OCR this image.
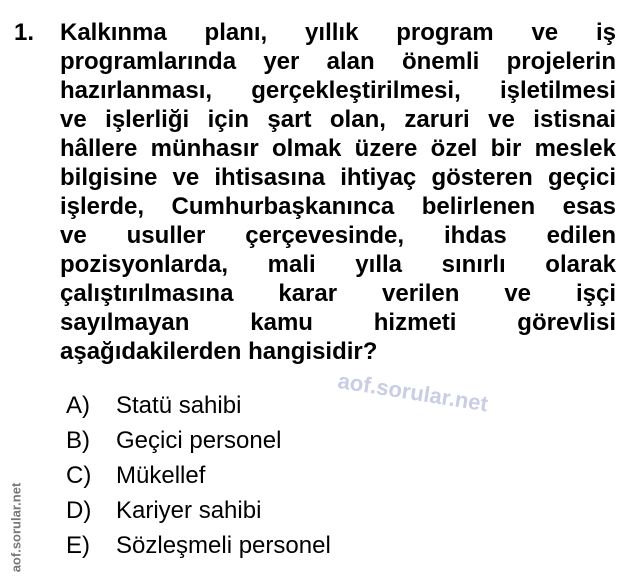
1. Kalkınma planı, yıllık program ve iş
programlarında yer alan önemli projelerin
hazırlanması, gerçekleştirilmesi, işletilmesi
ve işlerliği için şart olan, zaruri ve istisnai
hâllere münhasır olmak üzere özel bir meslek
bilgisine ve ihtisasına ihtiyaç gösteren geçici
işlerde, Cumhurbaşkanınca belirlenen esas
ve usuller çerçevesinde, ihdas edilen
pozisyonlarda, mali yılla sınırlı olarak
çalıştırılmasına karar verilen ve işçi
sayılmayan kamu hizmeti görevlisi
aşağıdakilerden hangisidir?
aof.sorular.net
aof.sorular.net
A)	Statü sahibi
B)	Geçici personel
C)	Mükellef
D)	Kariyer sahibi
E)	Sözleşmeli personel
